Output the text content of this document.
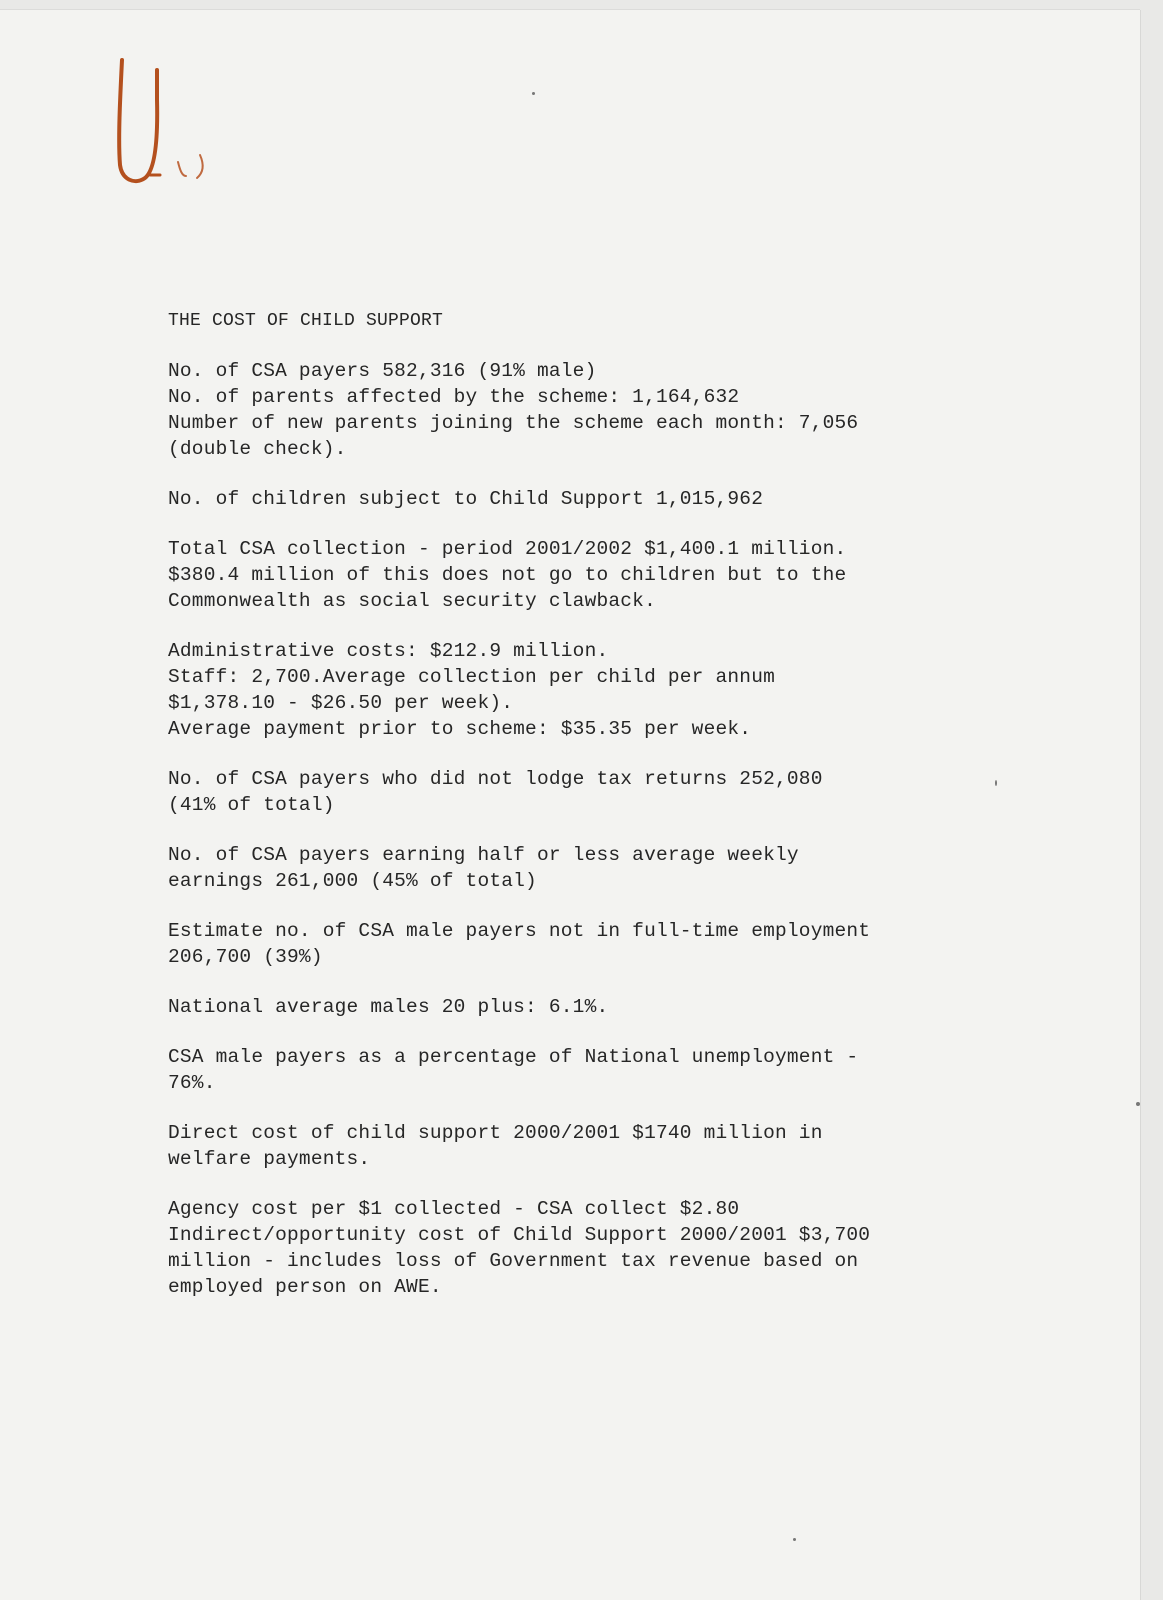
THE COST OF CHILD SUPPORT
No. of CSA payers 582,316 (91% male)
No. of parents affected by the scheme: 1,164,632
Number of new parents joining the scheme each month: 7,056
(double check).
No. of children subject to Child Support 1,015,962
Total CSA collection - period 2001/2002 $1,400.1 million.
$380.4 million of this does not go to children but to the
Commonwealth as social security clawback.
Administrative costs: $212.9 million.
Staff: 2,700.Average collection per child per annum
$1,378.10 - $26.50 per week).
Average payment prior to scheme: $35.35 per week.
No. of CSA payers who did not lodge tax returns 252,080
(41% of total)
No. of CSA payers earning half or less average weekly
earnings 261,000 (45% of total)
Estimate no. of CSA male payers not in full-time employment
206,700 (39%)
National average males 20 plus: 6.1%.
CSA male payers as a percentage of National unemployment -
76%.
Direct cost of child support 2000/2001 $1740 million in
welfare payments.
Agency cost per $1 collected - CSA collect $2.80
Indirect/opportunity cost of Child Support 2000/2001 $3,700
million - includes loss of Government tax revenue based on
employed person on AWE.
